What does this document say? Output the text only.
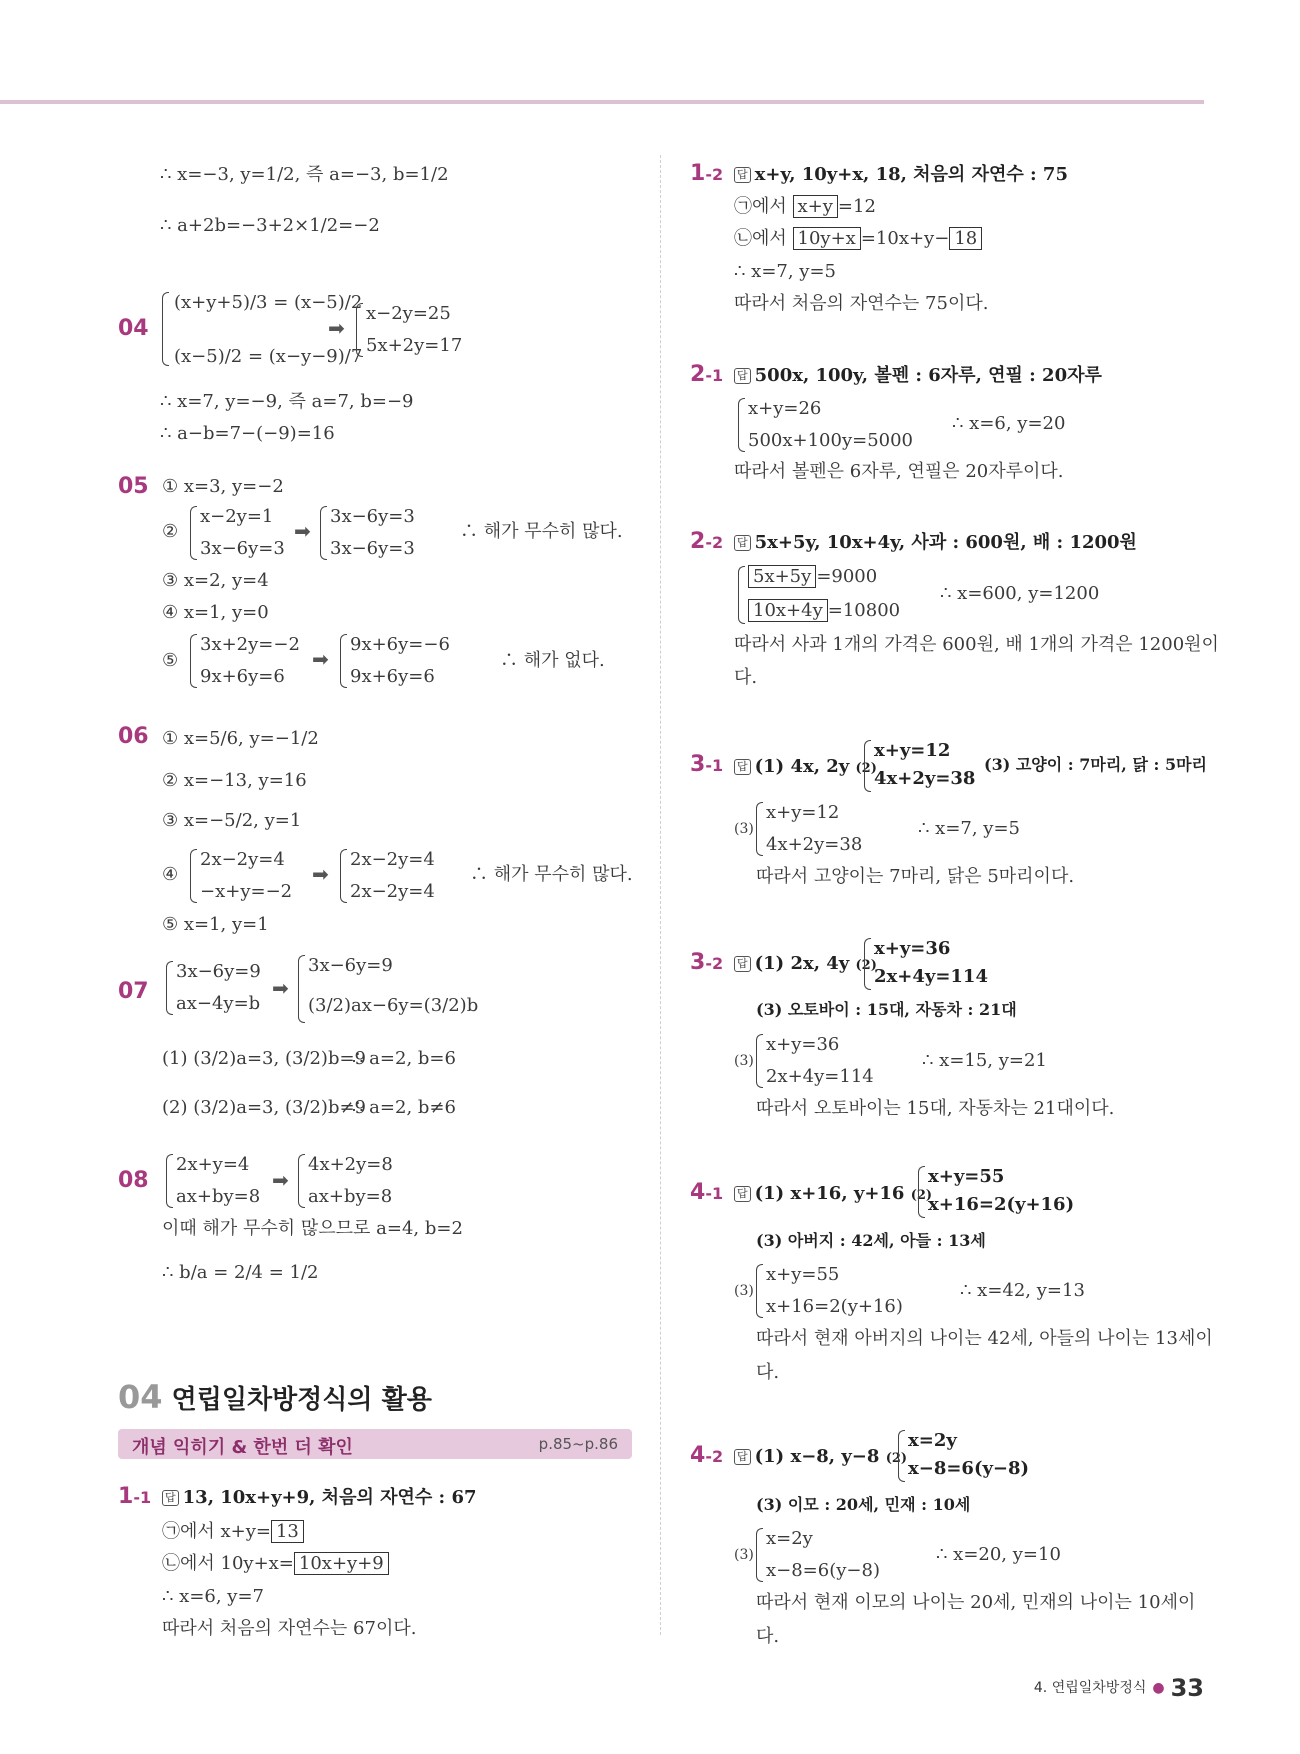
∴ x=−3, y=1/2, 즉 a=−3, b=1/2
∴ a+2b=−3+2×1/2=−2
04
(x+y+5)/3 = (x−5)/2
(x−5)/2 = (x−y−9)/7
➡
x−2y=25
5x+2y=17
∴ x=7, y=−9, 즉 a=7, b=−9
∴ a−b=7−(−9)=16
05 ① x=3, y=−2
②
x−2y=1
3x−6y=3
➡
3x−6y=3
3x−6y=3
∴ 해가 무수히 많다.
③ x=2, y=4
④ x=1, y=0
⑤
3x+2y=−2
9x+6y=6
➡
9x+6y=−6
9x+6y=6
∴ 해가 없다.
06 ① x=5/6, y=−1/2
② x=−13, y=16
③ x=−5/2, y=1
④
2x−2y=4
−x+y=−2
➡
2x−2y=4
2x−2y=4
∴ 해가 무수히 많다.
⑤ x=1, y=1
07
3x−6y=9
ax−4y=b
➡
3x−6y=9
(3/2)ax−6y=(3/2)b
(1) (3/2)a=3, (3/2)b=9
∴ a=2, b=6
(2) (3/2)a=3, (3/2)b≠9
∴ a=2, b≠6
08
2x+y=4
ax+by=8
➡
4x+2y=8
ax+by=8
이때 해가 무수히 많으므로 a=4, b=2
∴ b/a = 2/4 = 1/2
04 연립일차방정식의 활용
개념 익히기 & 한번 더 확인	p.85~p.86
1-1 답 13, 10x+y+9, 처음의 자연수 : 67
㉠에서 x+y= 13
㉡에서 10y+x= 10x+y+9
∴ x=6, y=7
따라서 처음의 자연수는 67이다.
1-2 답 x+y, 10y+x, 18, 처음의 자연수 : 75
㉠에서 x+y =12
㉡에서 10y+x =10x+y− 18
∴ x=7, y=5
따라서 처음의 자연수는 75이다.
2-1 답 500x, 100y, 볼펜 : 6자루, 연필 : 20자루
x+y=26
500x+100y=5000
∴ x=6, y=20
따라서 볼펜은 6자루, 연필은 20자루이다.
2-2 답 5x+5y, 10x+4y, 사과 : 600원, 배 : 1200원
5x+5y =9000
10x+4y =10800
∴ x=600, y=1200
따라서 사과 1개의 가격은 600원, 배 1개의 가격은 1200원이
다.
3-1 답 (1) 4x, 2y (2)
x+y=12
4x+2y=38
(3) 고양이 : 7마리, 닭 : 5마리
(3)
x+y=12
4x+2y=38
∴ x=7, y=5
따라서 고양이는 7마리, 닭은 5마리이다.
3-2 답 (1) 2x, 4y (2)
x+y=36
2x+4y=114
(3) 오토바이 : 15대, 자동차 : 21대
(3)
x+y=36
2x+4y=114
∴ x=15, y=21
따라서 오토바이는 15대, 자동차는 21대이다.
4-1 답 (1) x+16, y+16 (2)
x+y=55
x+16=2(y+16)
(3) 아버지 : 42세, 아들 : 13세
(3)
x+y=55
x+16=2(y+16)
∴ x=42, y=13
따라서 현재 아버지의 나이는 42세, 아들의 나이는 13세이
다.
4-2 답 (1) x−8, y−8 (2)
x=2y
x−8=6(y−8)
(3) 이모 : 20세, 민재 : 10세
(3)
x=2y
x−8=6(y−8)
∴ x=20, y=10
따라서 현재 이모의 나이는 20세, 민재의 나이는 10세이
다.
4. 연립일차방정식 ● 33
